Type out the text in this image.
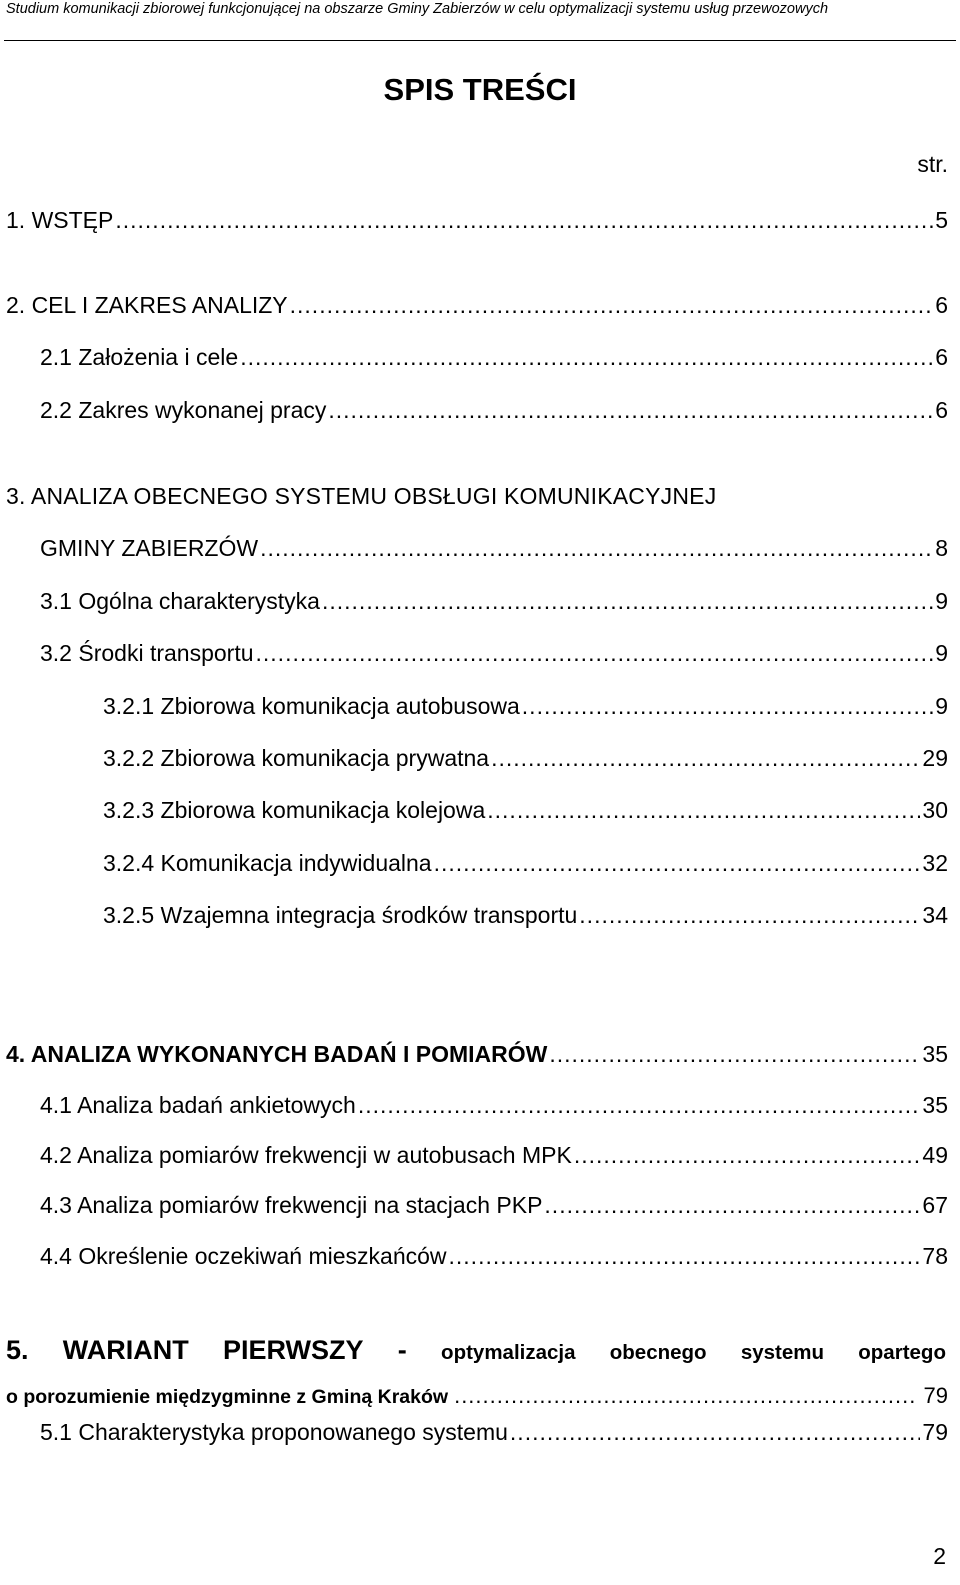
Studium komunikacji zbiorowej funkcjonującej na obszarze Gminy Zabierzów w celu optymalizacji systemu usług przewozowych
SPIS TREŚCI
str.
1. WSTĘP .....	5
2. CEL I ZAKRES ANALIZY .....	6
2.1 Założenia i cele .....	6
2.2 Zakres wykonanej pracy .....	6
3. ANALIZA OBECNEGO SYSTEMU OBSŁUGI KOMUNIKACYJNEJ
GMINY ZABIERZÓW .....	8
3.1 Ogólna charakterystyka .....	9
3.2 Środki transportu .....	9
3.2.1 Zbiorowa komunikacja autobusowa .....	9
3.2.2 Zbiorowa komunikacja prywatna .....	29
3.2.3 Zbiorowa komunikacja kolejowa .....	30
3.2.4 Komunikacja indywidualna .....	32
3.2.5 Wzajemna integracja środków transportu .....	34
4. ANALIZA WYKONANYCH BADAŃ I POMIARÓW .....	35
4.1 Analiza badań ankietowych .....	35
4.2 Analiza pomiarów frekwencji w autobusach MPK .....	49
4.3 Analiza pomiarów frekwencji na stacjach PKP .....	67
4.4 Określenie oczekiwań mieszkańców .....	78
5. WARIANT PIERWSZY - optymalizacja obecnego systemu opartego
o porozumienie międzygminne z Gminą Kraków .....	79
5.1 Charakterystyka proponowanego systemu .....	79
2
